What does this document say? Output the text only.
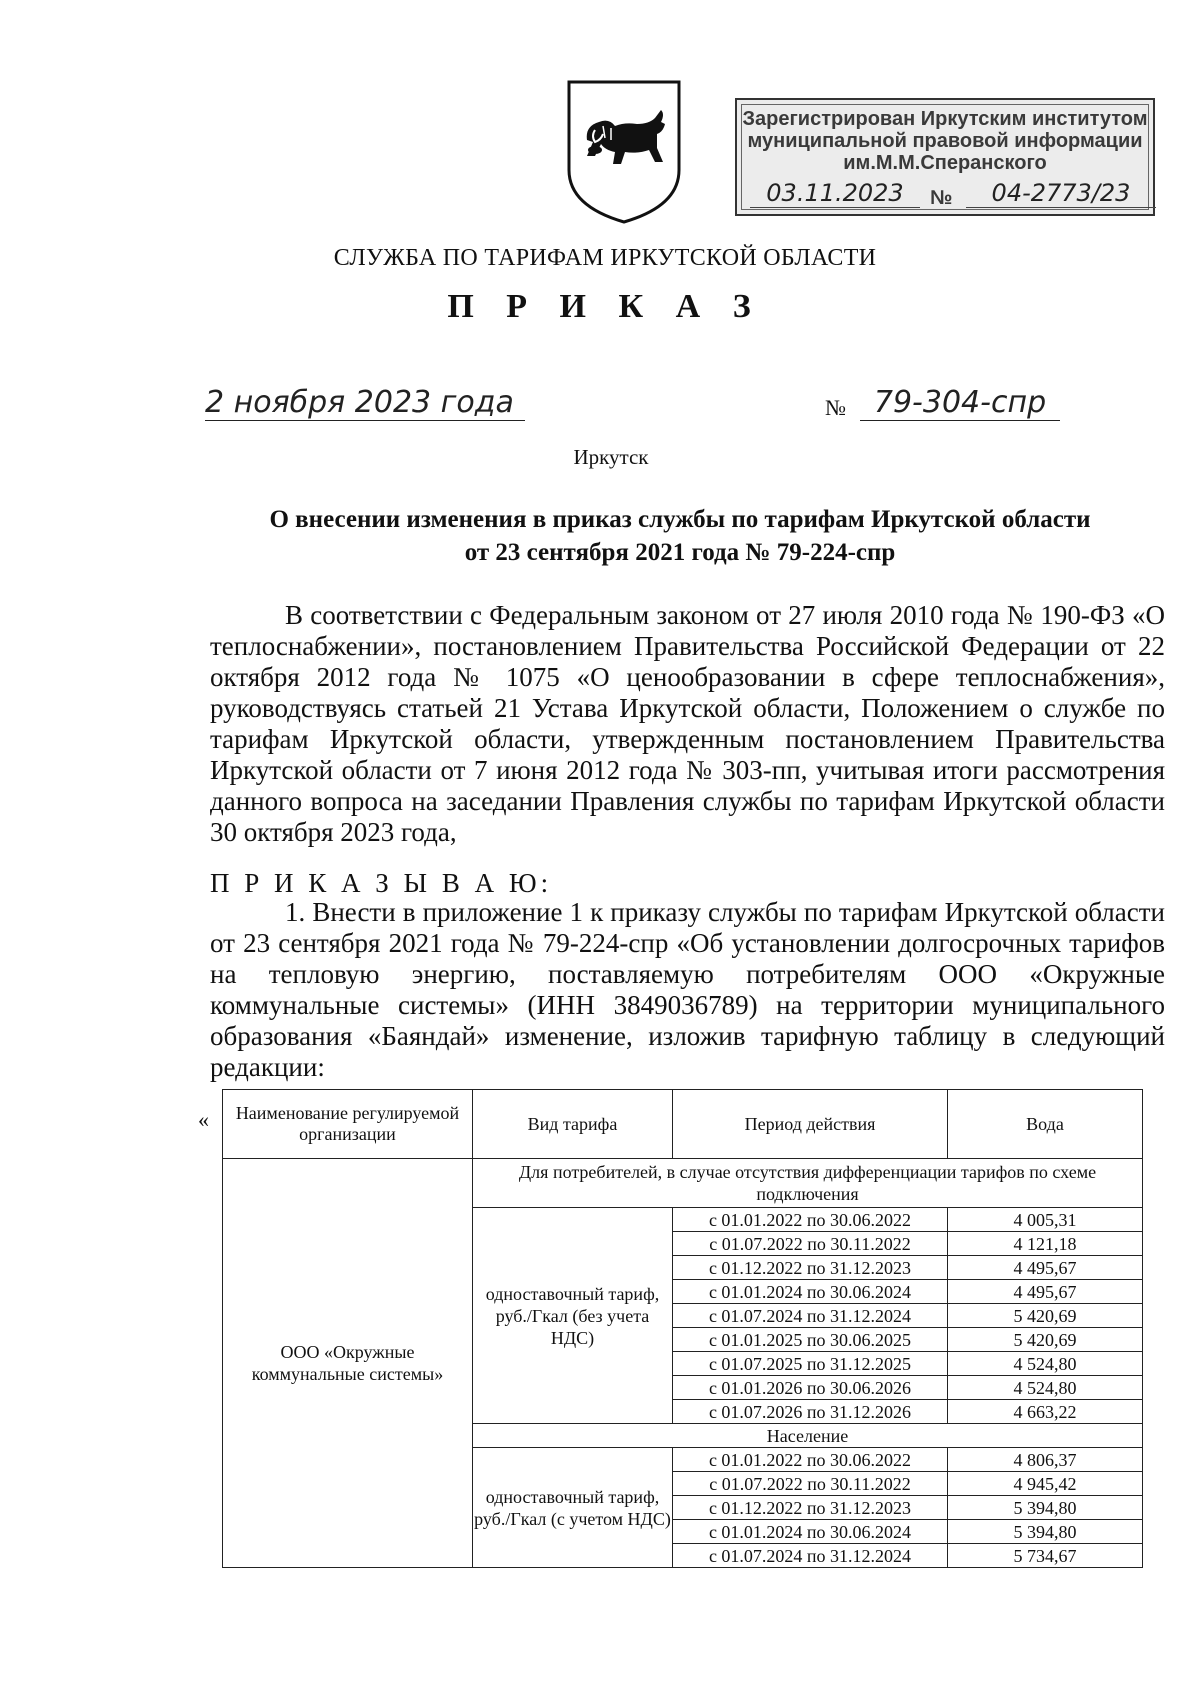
Зарегистрирован Иркутским институтом
муниципальной правовой информации
им.М.М.Сперанского
03.11.2023	№	04-2773/23
СЛУЖБА ПО ТАРИФАМ ИРКУТСКОЙ ОБЛАСТИ
П Р И К А З
2 ноября 2023 года	№ 79-304-спр
Иркутск
О внесении изменения в приказ службы по тарифам Иркутской области
от 23 сентября 2021 года № 79-224-спр
В соответствии с Федеральным законом от 27 июля 2010 года № 190-ФЗ «О теплоснабжении», постановлением Правительства Российской Федерации от 22 октября 2012 года № 1075 «О ценообразовании в сфере теплоснабжения», руководствуясь статьей 21 Устава Иркутской области, Положением о службе по тарифам Иркутской области, утвержденным постановлением Правительства Иркутской области от 7 июня 2012 года № 303-пп, учитывая итоги рассмотрения данного вопроса на заседании Правления службы по тарифам Иркутской области 30 октября 2023 года,
П Р И К А З Ы В А Ю:
1. Внести в приложение 1 к приказу службы по тарифам Иркутской области от 23 сентября 2021 года № 79-224-спр «Об установлении долгосрочных тарифов на тепловую энергию, поставляемую потребителям ООО «Окружные коммунальные системы» (ИНН 3849036789) на территории муниципального образования «Баяндай» изменение, изложив тарифную таблицу в следующий редакции:
« Наименование регулируемой организации	Вид тарифа	Период действия	Вода
ООО «Окружные коммунальные системы»	Для потребителей, в случае отсутствия дифференциации тарифов по схеме подключения		
	одноставочный тариф, руб./Гкал (без учета НДС)	с 01.01.2022 по 30.06.2022	4 005,31
		с 01.07.2022 по 30.11.2022	4 121,18
		с 01.12.2022 по 31.12.2023	4 495,67
		с 01.01.2024 по 30.06.2024	4 495,67
		с 01.07.2024 по 31.12.2024	5 420,69
		с 01.01.2025 по 30.06.2025	5 420,69
		с 01.07.2025 по 31.12.2025	4 524,80
		с 01.01.2026 по 30.06.2026	4 524,80
		с 01.07.2026 по 31.12.2026	4 663,22
	Население		
	одноставочный тариф, руб./Гкал (с учетом НДС)	с 01.01.2022 по 30.06.2022	4 806,37
		с 01.07.2022 по 30.11.2022	4 945,42
		с 01.12.2022 по 31.12.2023	5 394,80
		с 01.01.2024 по 30.06.2024	5 394,80
		с 01.07.2024 по 31.12.2024	5 734,67
